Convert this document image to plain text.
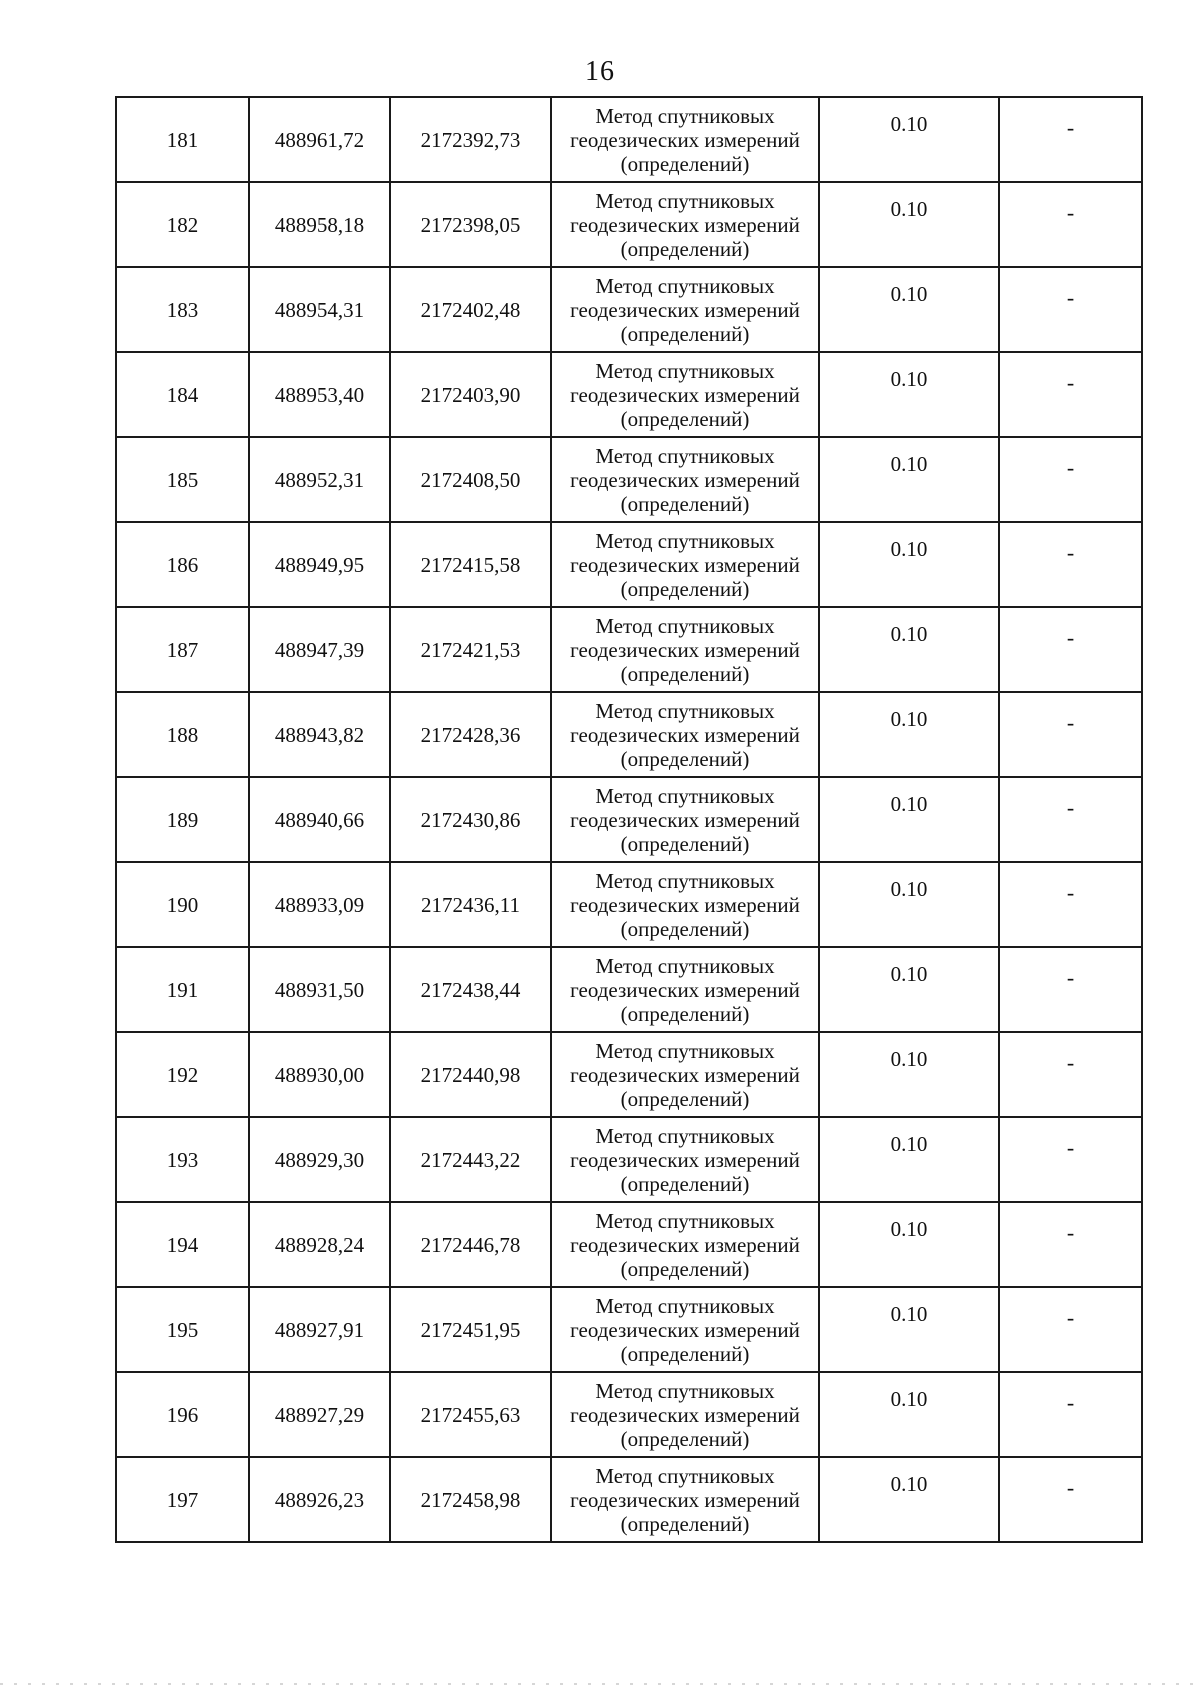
16
181	488961,72	2172392,73	Метод спутниковых
геодезических измерений
(определений)	0.10	-
182	488958,18	2172398,05	Метод спутниковых
геодезических измерений
(определений)	0.10	-
183	488954,31	2172402,48	Метод спутниковых
геодезических измерений
(определений)	0.10	-
184	488953,40	2172403,90	Метод спутниковых
геодезических измерений
(определений)	0.10	-
185	488952,31	2172408,50	Метод спутниковых
геодезических измерений
(определений)	0.10	-
186	488949,95	2172415,58	Метод спутниковых
геодезических измерений
(определений)	0.10	-
187	488947,39	2172421,53	Метод спутниковых
геодезических измерений
(определений)	0.10	-
188	488943,82	2172428,36	Метод спутниковых
геодезических измерений
(определений)	0.10	-
189	488940,66	2172430,86	Метод спутниковых
геодезических измерений
(определений)	0.10	-
190	488933,09	2172436,11	Метод спутниковых
геодезических измерений
(определений)	0.10	-
191	488931,50	2172438,44	Метод спутниковых
геодезических измерений
(определений)	0.10	-
192	488930,00	2172440,98	Метод спутниковых
геодезических измерений
(определений)	0.10	-
193	488929,30	2172443,22	Метод спутниковых
геодезических измерений
(определений)	0.10	-
194	488928,24	2172446,78	Метод спутниковых
геодезических измерений
(определений)	0.10	-
195	488927,91	2172451,95	Метод спутниковых
геодезических измерений
(определений)	0.10	-
196	488927,29	2172455,63	Метод спутниковых
геодезических измерений
(определений)	0.10	-
197	488926,23	2172458,98	Метод спутниковых
геодезических измерений
(определений)	0.10	-
